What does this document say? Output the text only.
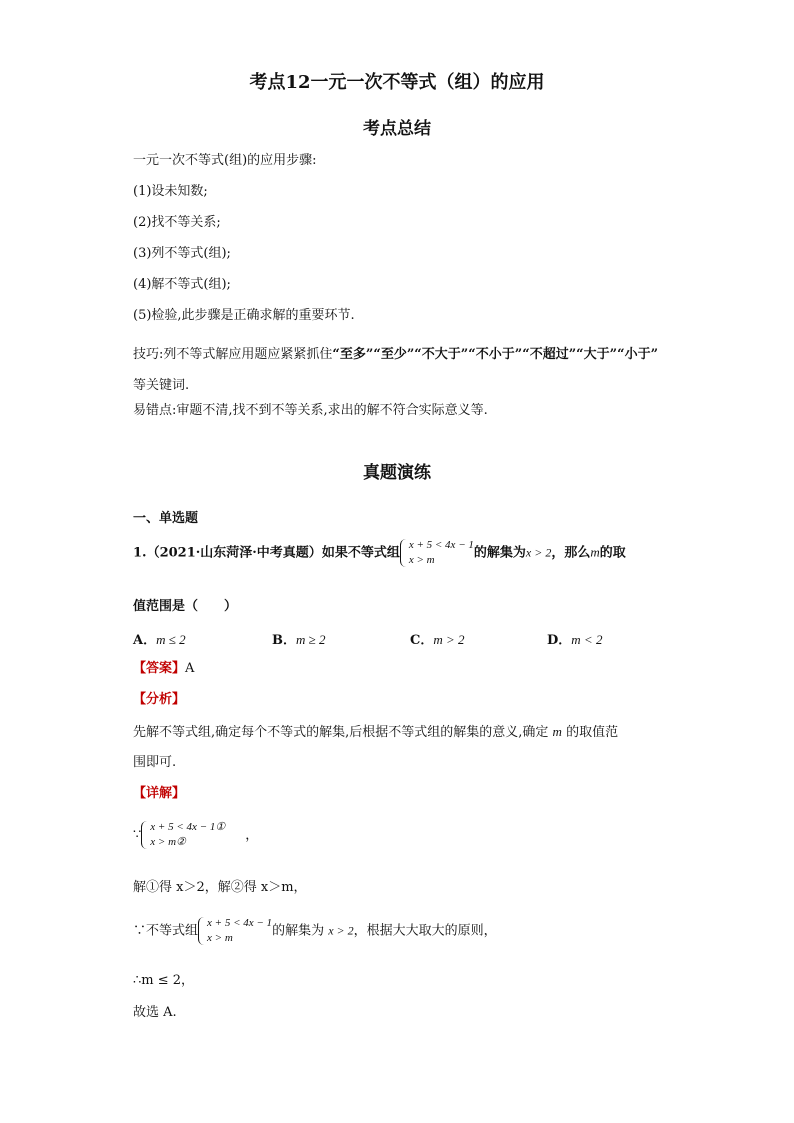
考点12一元一次不等式（组）的应用
考点总结
一元一次不等式(组)的应用步骤:
(1)设未知数;
(2)找不等关系;
(3)列不等式(组);
(4)解不等式(组);
(5)检验,此步骤是正确求解的重要环节.
技巧:列不等式解应用题应紧紧抓住“至多”“至少”“不大于”“不小于”“不超过”“大于”“小于” 等关键词.
易错点:审题不清,找不到不等关系,求出的解不符合实际意义等.
真题演练
一、单选题
1.（2021·山东菏泽·中考真题）如果不等式组
x + 5 < 4x − 1
x > m	的解集为x > 2，那么m的取
值范围是（　　）
A．m ≤ 2	B．m ≥ 2	C．m > 2	D．m < 2
【答案】A
【分析】
先解不等式组,确定每个不等式的解集,后根据不等式组的解集的意义,确定 m 的取值范
围即可.
【详解】
∵
x + 5 < 4x − 1①
x > m②	，
解①得 x＞2，解②得 x＞m，
∵不等式组
x + 5 < 4x − 1
x > m	的解集为 x > 2，根据大大取大的原则，
∴m ≤ 2，
故选 A.
